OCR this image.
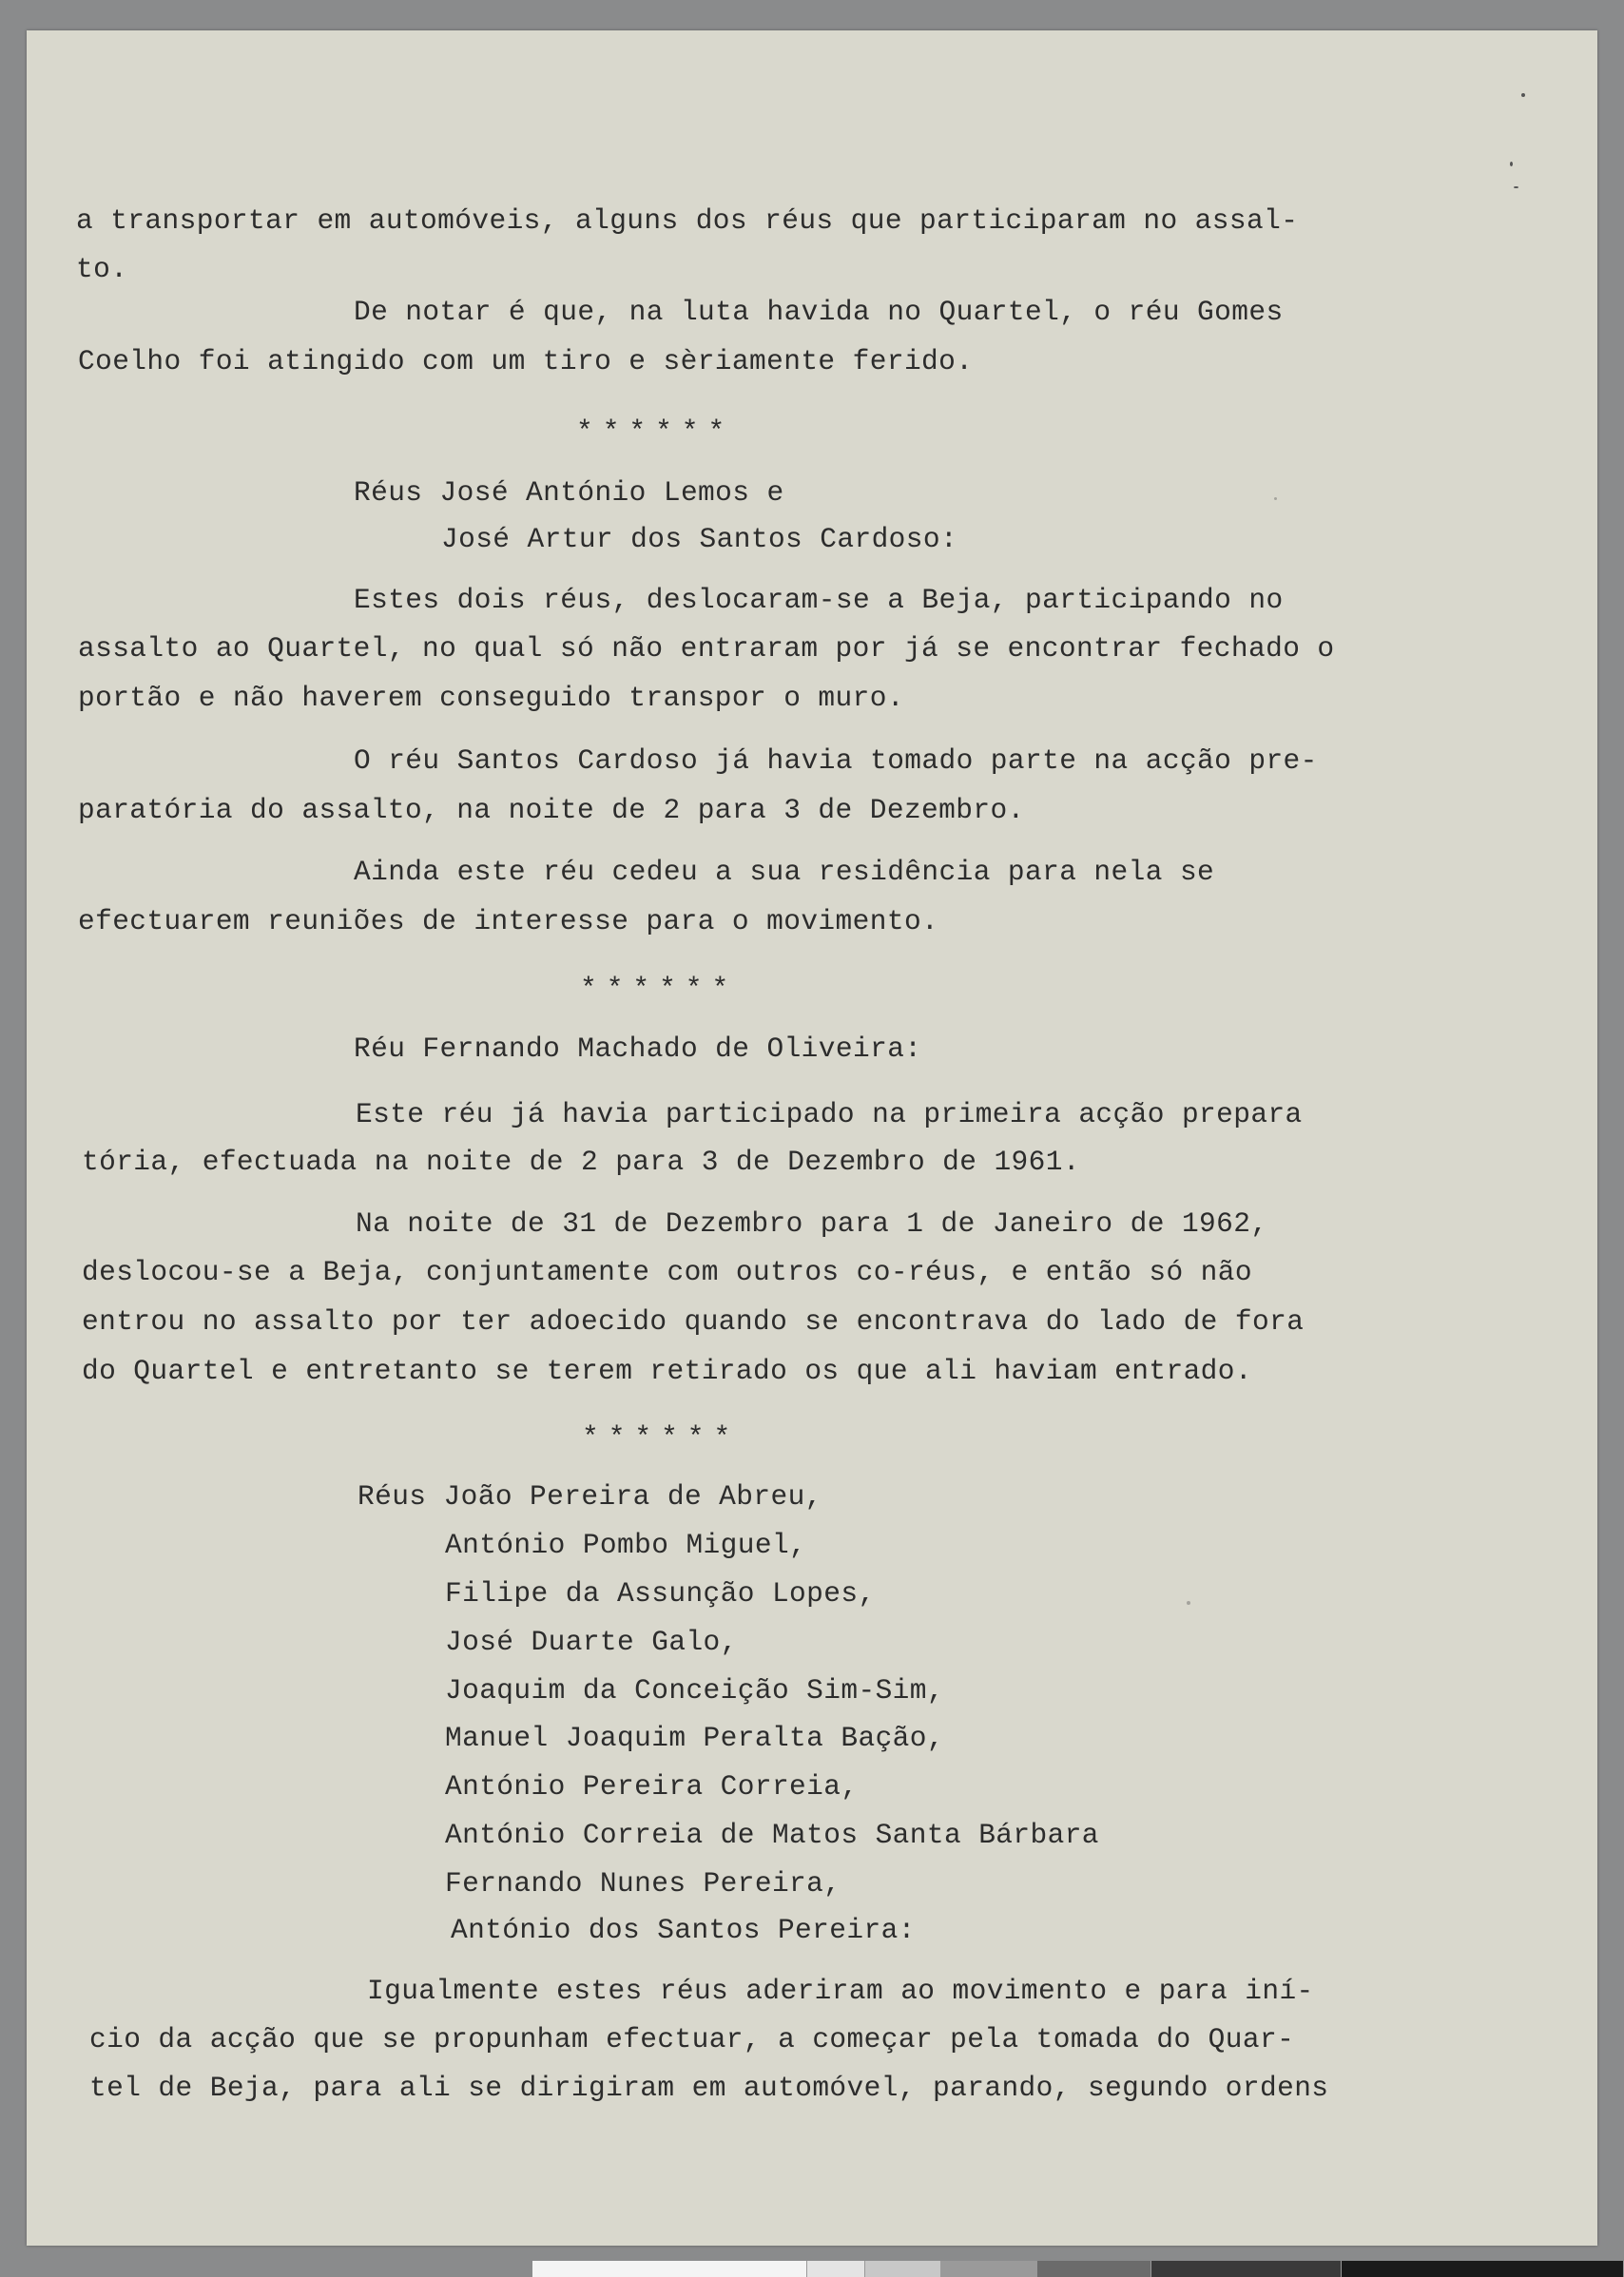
a transportar em automóveis, alguns dos réus que participaram no assal-
to.
De notar é que, na luta havida no Quartel, o réu Gomes
Coelho foi atingido com um tiro e sèriamente ferido.
******
Réus José António Lemos e
José Artur dos Santos Cardoso:
Estes dois réus, deslocaram-se a Beja, participando no
assalto ao Quartel, no qual só não entraram por já se encontrar fechado o
portão e não haverem conseguido transpor o muro.
O réu Santos Cardoso já havia tomado parte na acção pre-
paratória do assalto, na noite de 2 para 3 de Dezembro.
Ainda este réu cedeu a sua residência para nela se
efectuarem reuniões de interesse para o movimento.
******
Réu Fernando Machado de Oliveira:
Este réu já havia participado na primeira acção prepara
tória, efectuada na noite de 2 para 3 de Dezembro de 1961.
Na noite de 31 de Dezembro para 1 de Janeiro de 1962,
deslocou-se a Beja, conjuntamente com outros co-réus, e então só não
entrou no assalto por ter adoecido quando se encontrava do lado de fora
do Quartel e entretanto se terem retirado os que ali haviam entrado.
******
Réus João Pereira de Abreu,
António Pombo Miguel,
Filipe da Assunção Lopes,
José Duarte Galo,
Joaquim da Conceição Sim-Sim,
Manuel Joaquim Peralta Bação,
António Pereira Correia,
António Correia de Matos Santa Bárbara
Fernando Nunes Pereira,
António dos Santos Pereira:
Igualmente estes réus aderiram ao movimento e para iní-
cio da acção que se propunham efectuar, a começar pela tomada do Quar-
tel de Beja, para ali se dirigiram em automóvel, parando, segundo ordens
